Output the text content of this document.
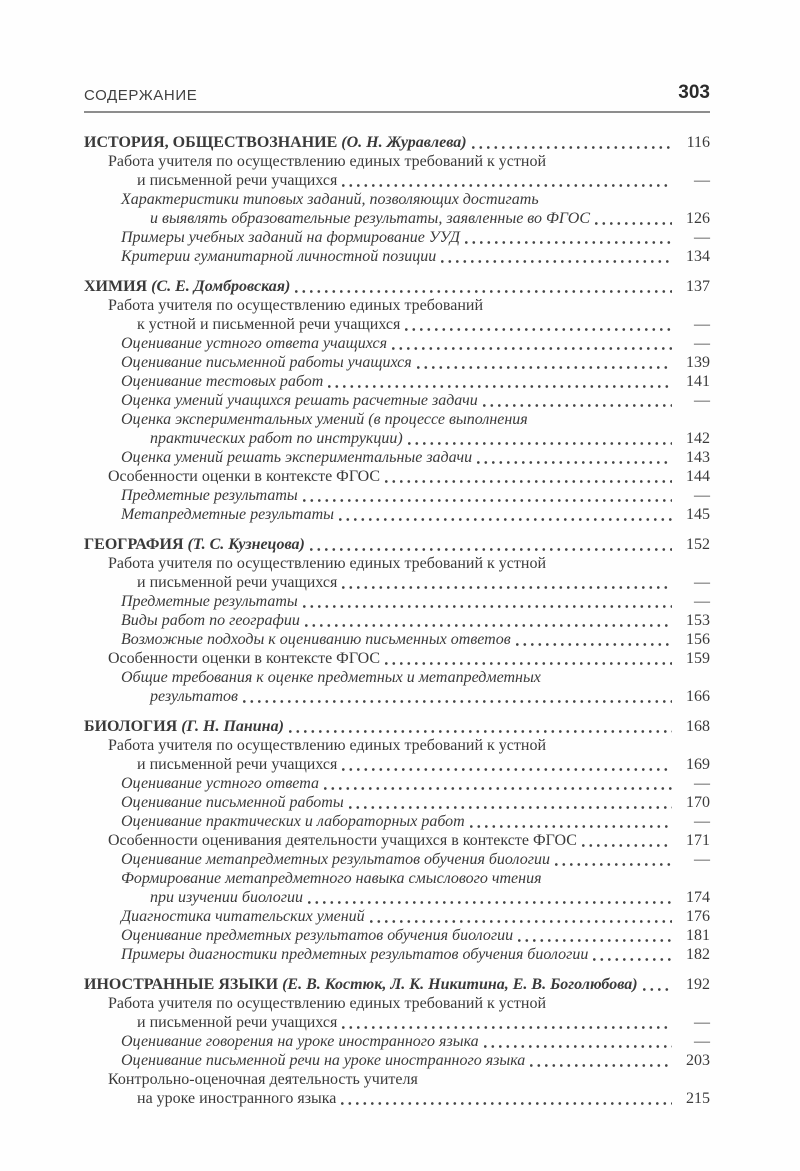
СОДЕРЖАНИЕ	303
ИСТОРИЯ, ОБЩЕСТВОЗНАНИЕ (О. Н. Журавлева)	116
Работа учителя по осуществлению единых требований к устной
и письменной речи учащихся	—
Характеристики типовых заданий, позволяющих достигать
и выявлять образовательные результаты, заявленные во ФГОС	126
Примеры учебных заданий на формирование УУД	—
Критерии гуманитарной личностной позиции	134
ХИМИЯ (С. Е. Домбровская)	137
Работа учителя по осуществлению единых требований
к устной и письменной речи учащихся	—
Оценивание устного ответа учащихся	—
Оценивание письменной работы учащихся	139
Оценивание тестовых работ	141
Оценка умений учащихся решать расчетные задачи	—
Оценка экспериментальных умений (в процессе выполнения
практических работ по инструкции)	142
Оценка умений решать экспериментальные задачи	143
Особенности оценки в контексте ФГОС	144
Предметные результаты	—
Метапредметные результаты	145
ГЕОГРАФИЯ (Т. С. Кузнецова)	152
Работа учителя по осуществлению единых требований к устной
и письменной речи учащихся	—
Предметные результаты	—
Виды работ по географии	153
Возможные подходы к оцениванию письменных ответов	156
Особенности оценки в контексте ФГОС	159
Общие требования к оценке предметных и метапредметных
результатов	166
БИОЛОГИЯ (Г. Н. Панина)	168
Работа учителя по осуществлению единых требований к устной
и письменной речи учащихся	169
Оценивание устного ответа	—
Оценивание письменной работы	170
Оценивание практических и лабораторных работ	—
Особенности оценивания деятельности учащихся в контексте ФГОС	171
Оценивание метапредметных результатов обучения биологии	—
Формирование метапредметного навыка смыслового чтения
при изучении биологии	174
Диагностика читательских умений	176
Оценивание предметных результатов обучения биологии	181
Примеры диагностики предметных результатов обучения биологии	182
ИНОСТРАННЫЕ ЯЗЫКИ (Е. В. Костюк, Л. К. Никитина, Е. В. Боголюбова)	192
Работа учителя по осуществлению единых требований к устной
и письменной речи учащихся	—
Оценивание говорения на уроке иностранного языка	—
Оценивание письменной речи на уроке иностранного языка	203
Контрольно-оценочная деятельность учителя
на уроке иностранного языка	215
